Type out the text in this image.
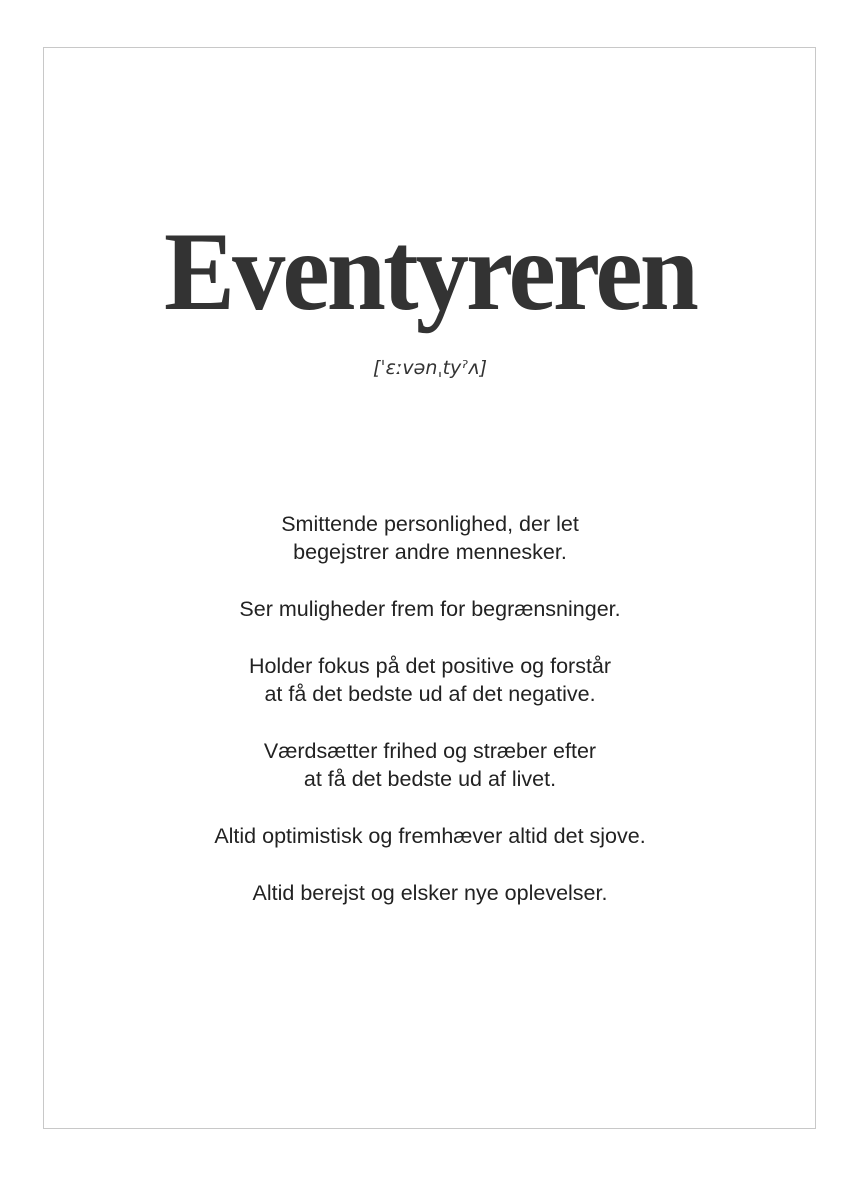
Eventyreren
[ˈɛːvənˌtyˀʌ]

Smittende personlighed, der let
begejstrer andre mennesker.

Ser muligheder frem for begrænsninger.

Holder fokus på det positive og forstår
at få det bedste ud af det negative.

Værdsætter frihed og stræber efter
at få det bedste ud af livet.

Altid optimistisk og fremhæver altid det sjove.

Altid berejst og elsker nye oplevelser.
